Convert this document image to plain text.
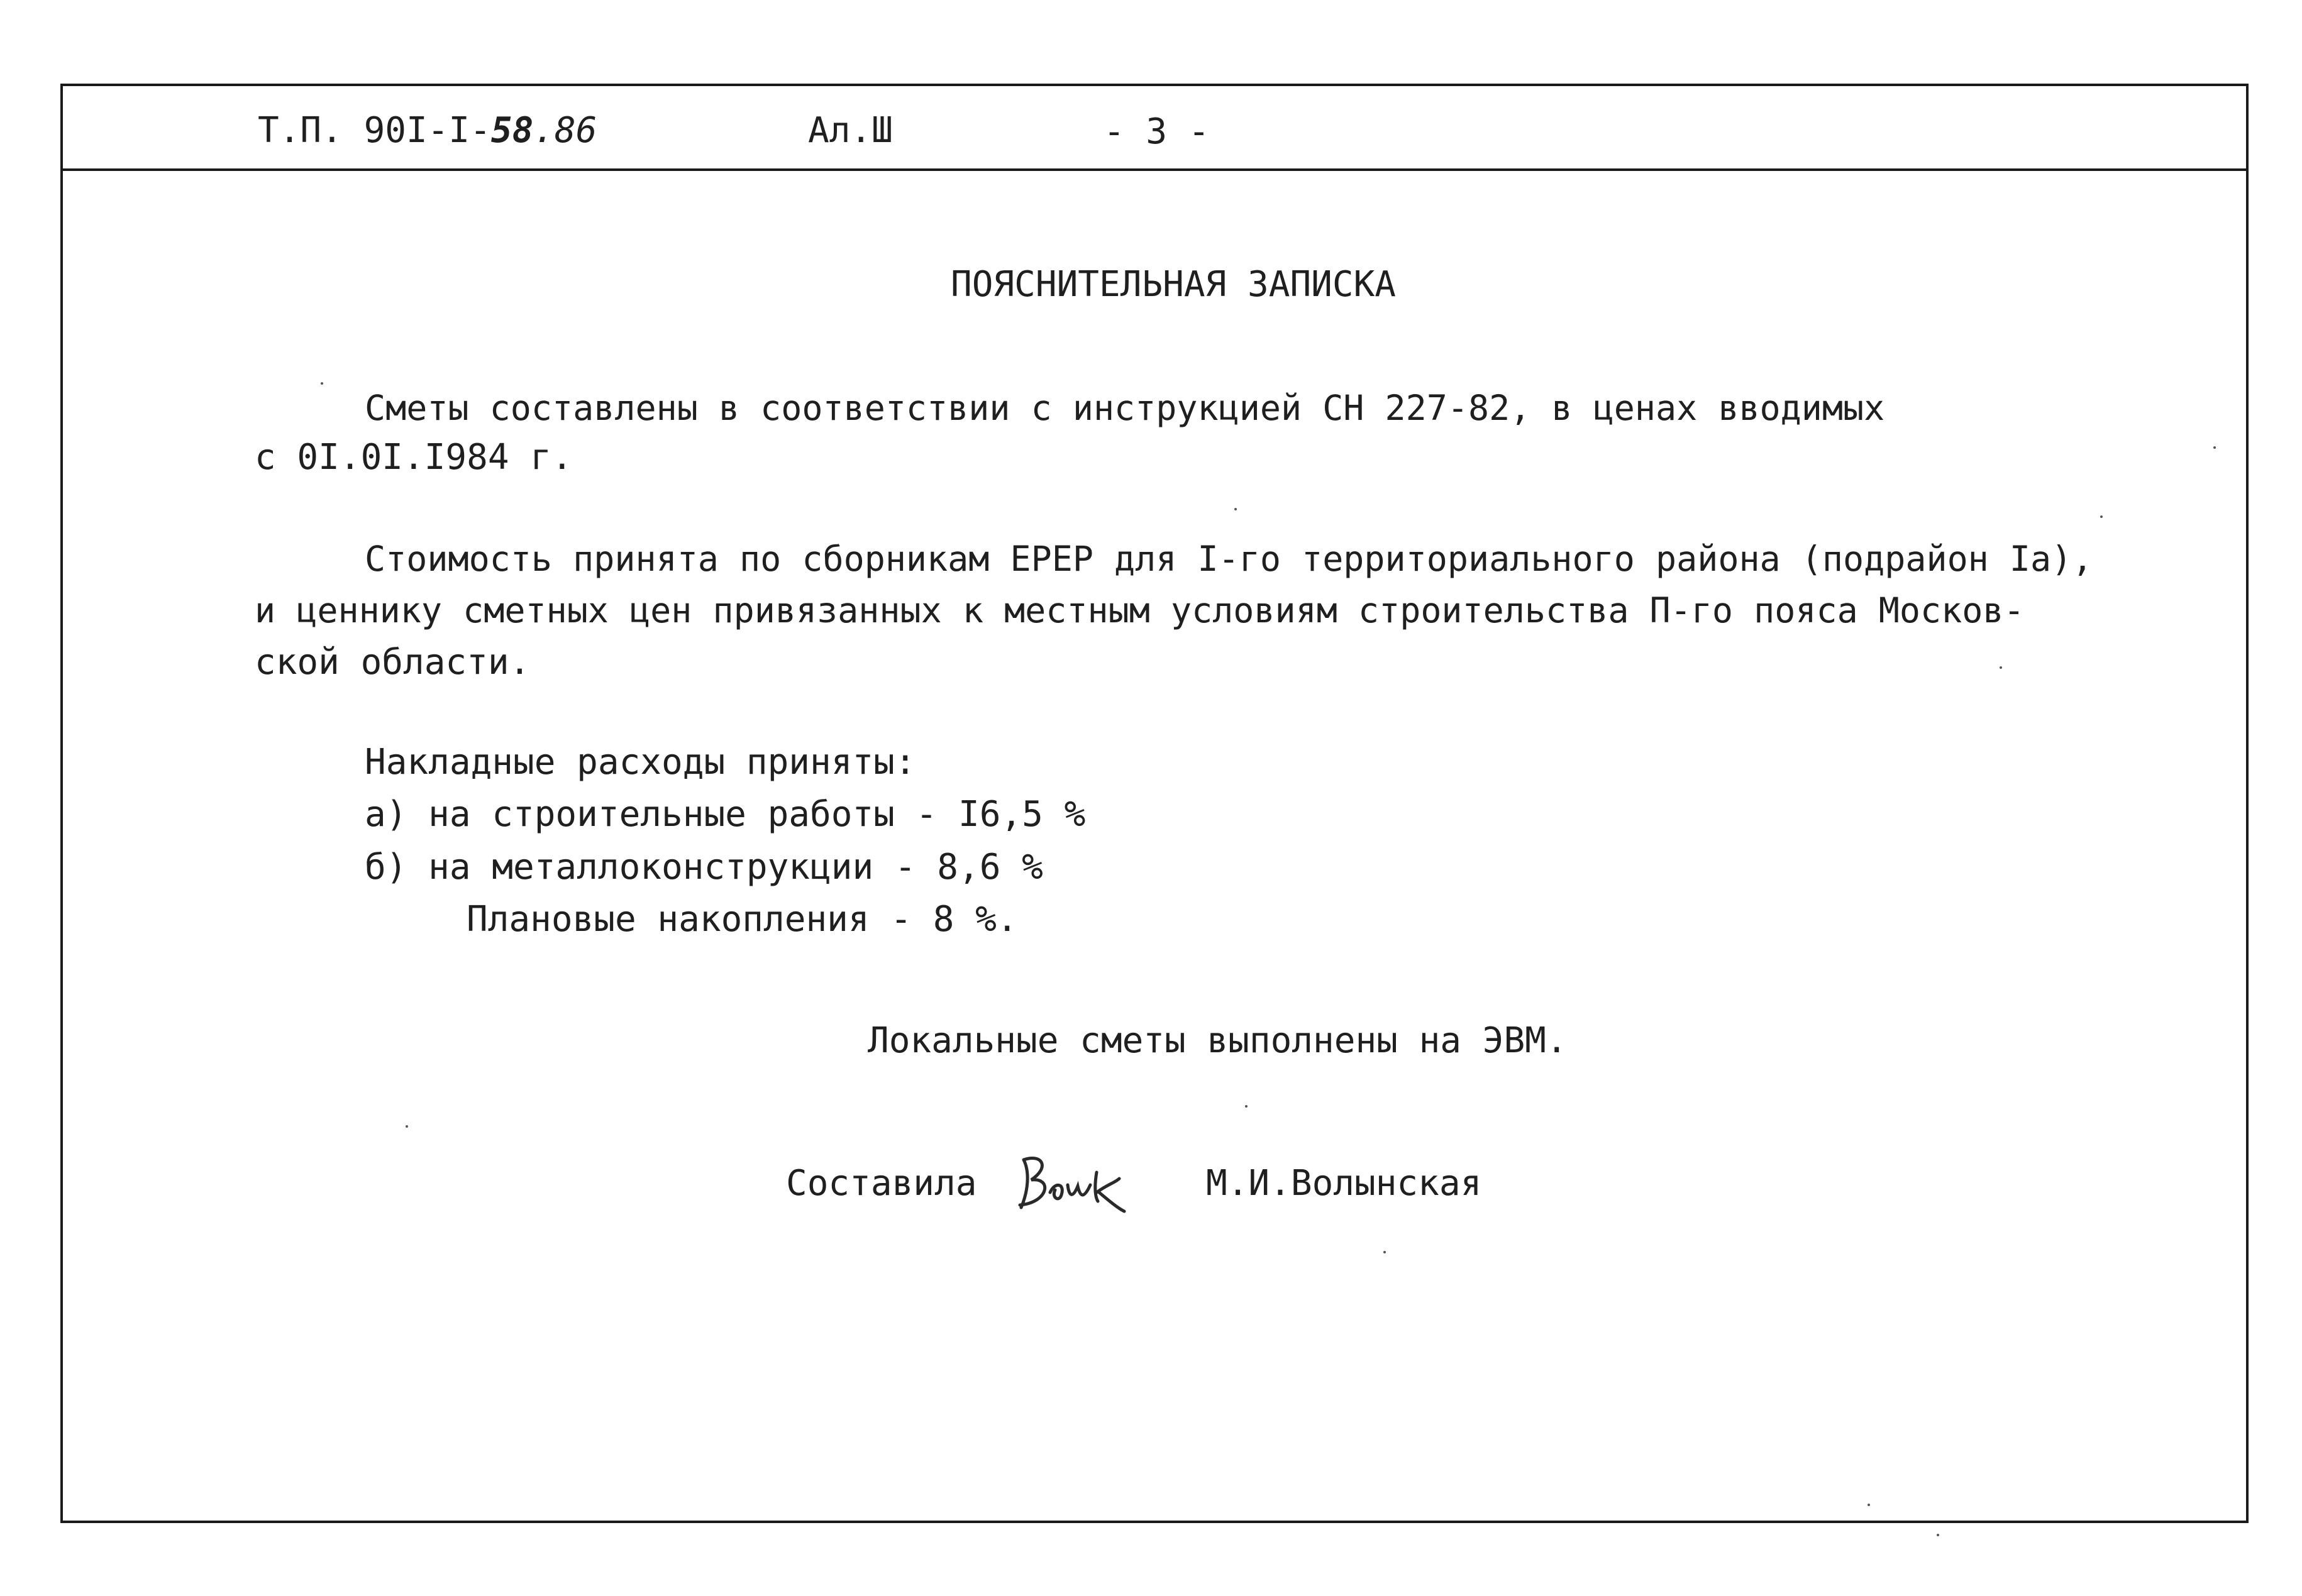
Т.П. 90I-I-58.86	Ал.Ш	- 3 -
ПОЯСНИТЕЛЬНАЯ ЗАПИСКА
Сметы составлены в соответствии с инструкцией СН 227-82, в ценах вводимых
с 0I.0I.I984 г.
Стоимость принята по сборникам ЕРЕР для I-го территориального района (подрайон Iа),
и ценнику сметных цен привязанных к местным условиям строительства П-го пояса Москов-
ской области.
Накладные расходы приняты:
а) на строительные работы - I6,5 %
б) на металлоконструкции - 8,6 %
Плановые накопления - 8 %.
Локальные сметы выполнены на ЭВМ.
Составила	М.И.Волынская
